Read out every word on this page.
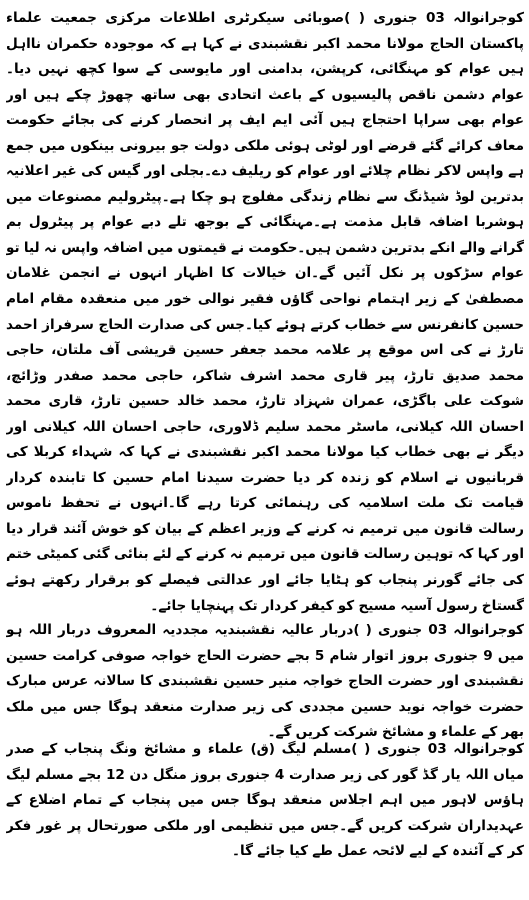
کوجرانوالہ 03 جنوری ( )صوبائی سیکرٹری اطلاعات مرکزی جمعیت علماء پاکستان الحاج مولانا محمد اکبر نقشبندی نے کہا ہے کہ موجودہ حکمران نااہل ہیں عوام کو مہنگائی، کرپشن، بدامنی اور مایوسی کے سوا کچھ نہیں دیا۔عوام دشمن ناقص پالیسیوں کے باعث اتحادی بھی ساتھ چھوڑ چکے ہیں اور عوام بھی سراپا احتجاج ہیں آئی ایم ایف پر انحصار کرنے کی بجائے حکومت معاف کرائے گئے قرضے اور لوٹی ہوئی ملکی دولت جو بیرونی بینکوں میں جمع ہے واپس لاکر نظام چلائے اور عوام کو ریلیف دے۔بجلی اور گیس کی غیر اعلانیہ بدترین لوڈ شیڈنگ سے نظام زندگی مفلوج ہو چکا ہے۔پیٹرولیم مصنوعات میں ہوشربا اضافہ قابل مذمت ہے۔مہنگائی کے بوجھ تلے دبے عوام پر پیٹرول بم گرانے والے انکے بدترین دشمن ہیں۔حکومت نے قیمتوں میں اضافہ واپس نہ لیا تو عوام سڑکوں پر نکل آئیں گے۔ان خیالات کا اظہار انہوں نے انجمن غلامان مصطفیٰ کے زیر اہتمام نواحی گاؤں فقیر نوالی خور میں منعقدہ مقام امام حسین کانفرنس سے خطاب کرتے ہوئے کیا۔جس کی صدارت الحاج سرفراز احمد تارڑ نے کی اس موقع پر علامہ محمد جعفر حسین قریشی آف ملتان، حاجی محمد صدیق تارڑ، پیر قاری محمد اشرف شاکر، حاجی محمد صفدر وڑائچ، شوکت علی باگڑی، عمران شہزاد تارڑ، محمد خالد حسین تارڑ، قاری محمد احسان اللہ کیلانی، ماسٹر محمد سلیم ڈلاوری، حاجی احسان اللہ کیلانی اور دیگر نے بھی خطاب کیا مولانا محمد اکبر نقشبندی نے کہا کہ شہداء کربلا کی قربانیوں نے اسلام کو زندہ کر دیا حضرت سیدنا امام حسین کا تابندہ کردار قیامت تک ملت اسلامیہ کی رہنمائی کرتا رہے گا۔انہوں نے تحفظ ناموس رسالت قانون میں ترمیم نہ کرنے کے وزیر اعظم کے بیان کو خوش آئند قرار دیا اور کہا کہ توہین رسالت قانون میں ترمیم نہ کرنے کے لئے بنائی گئی کمیٹی ختم کی جائے گورنر پنجاب کو ہٹایا جائے اور عدالتی فیصلے کو برقرار رکھتے ہوئے گستاخ رسول آسیہ مسیح کو کیفر کردار تک پہنچایا جائے۔

کوجرانوالہ 03 جنوری ( )دربار عالیہ نقشبندیہ مجددیہ المعروف دربار اللہ ہو میں 9 جنوری بروز اتوار شام 5 بجے حضرت الحاج خواجہ صوفی کرامت حسین نقشبندی اور حضرت الحاج خواجہ منیر حسین نقشبندی کا سالانہ عرس مبارک حضرت خواجہ نوید حسین مجددی کی زیر صدارت منعقد ہوگا جس میں ملک بھر کے علماء و مشائخ شرکت کریں گے۔

کوجرانوالہ 03 جنوری ( )مسلم لیگ (ق) علماء و مشائخ ونگ پنجاب کے صدر میاں اللہ یار گڈ گور کی زیر صدارت 4 جنوری بروز منگل دن 12 بجے مسلم لیگ ہاؤس لاہور میں اہم اجلاس منعقد ہوگا جس میں پنجاب کے تمام اضلاع کے عہدیداران شرکت کریں گے۔جس میں تنظیمی اور ملکی صورتحال پر غور فکر کر کے آئندہ کے لیے لائحہ عمل طے کیا جائے گا۔
